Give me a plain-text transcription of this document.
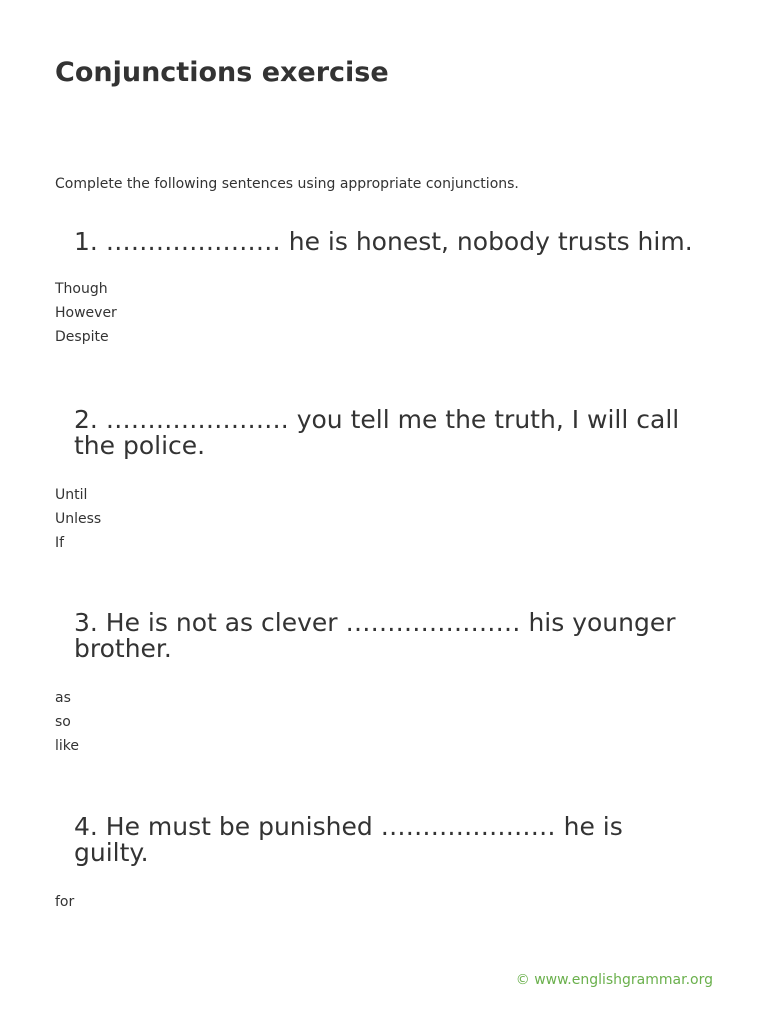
Conjunctions exercise

Complete the following sentences using appropriate conjunctions.

1. ………………… he is honest, nobody trusts him.

Though
However
Despite

2. …………………. you tell me the truth, I will call the police.

Until
Unless
If

3. He is not as clever ………………… his younger brother.

as
so
like

4. He must be punished ………………… he is guilty.

for
© www.englishgrammar.org
